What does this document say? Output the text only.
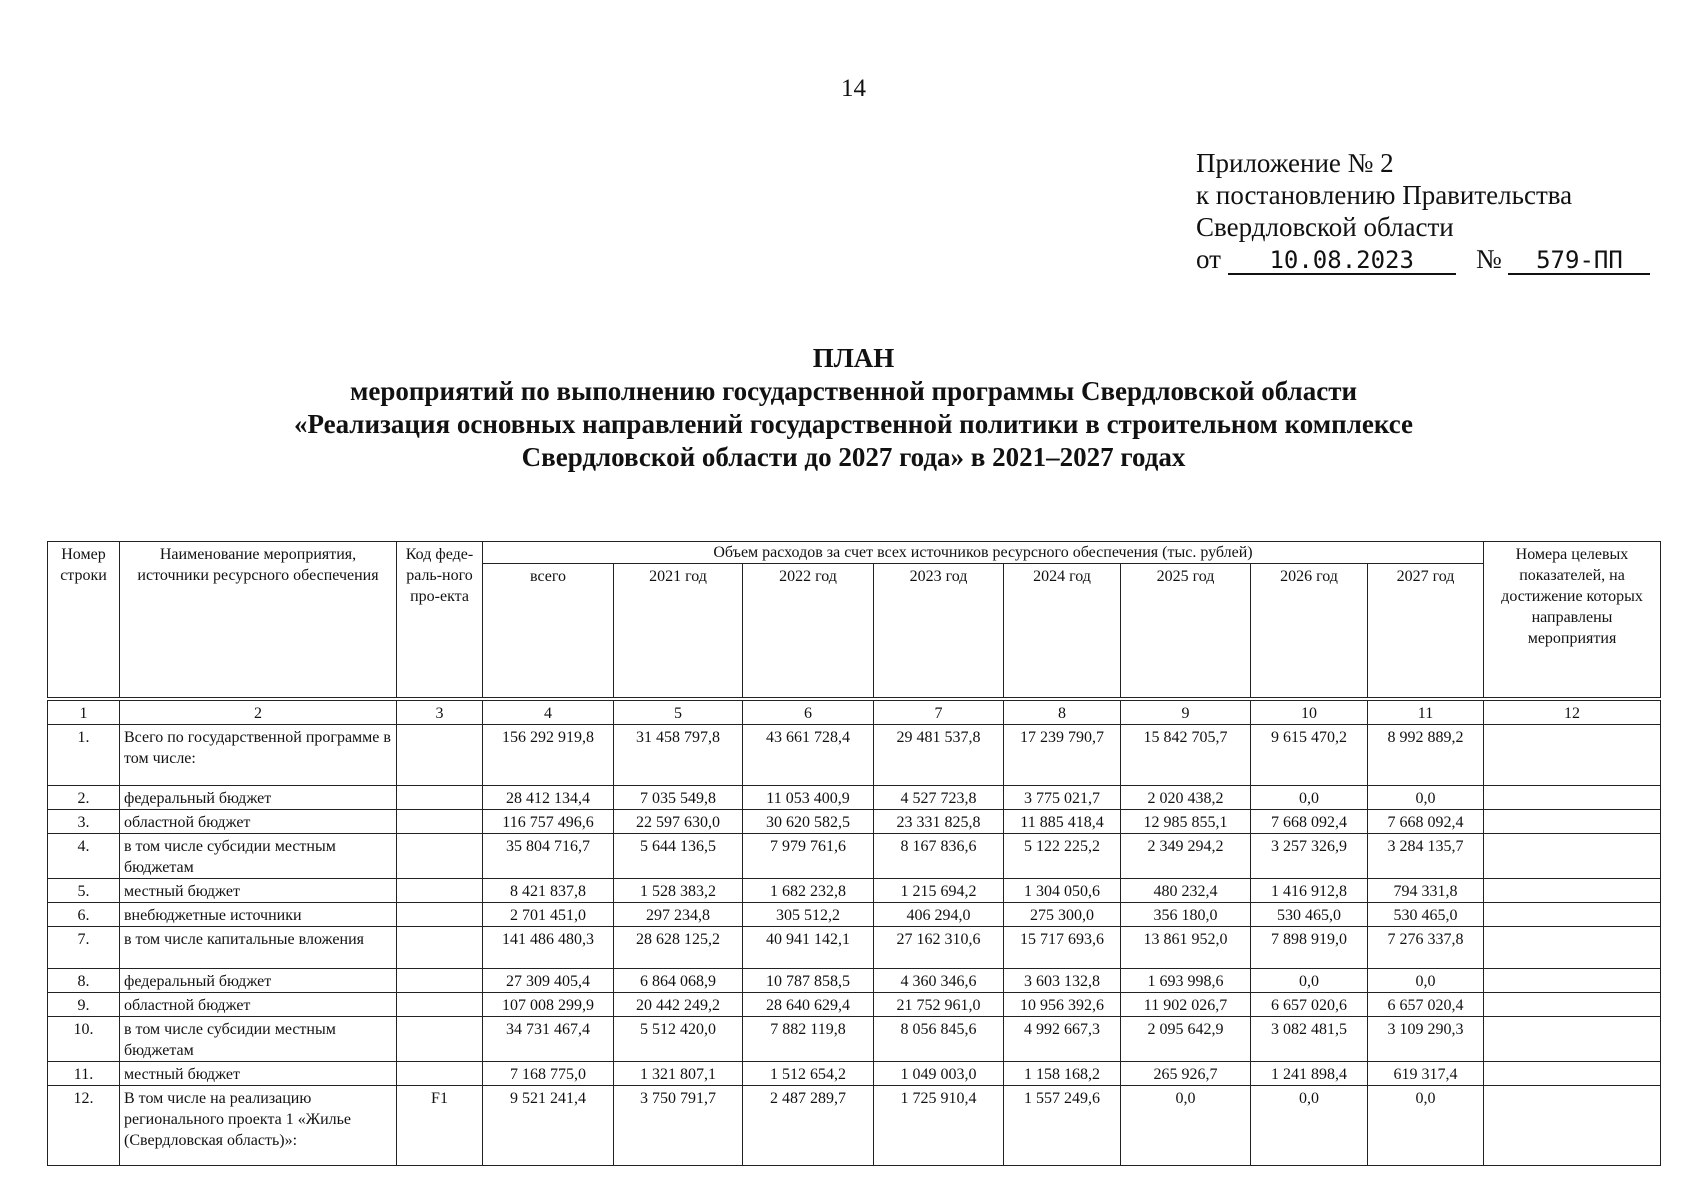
14
Приложение № 2
к постановлению Правительства
Свердловской области
от 10.08.2023 № 579-ПП
ПЛАН
мероприятий по выполнению государственной программы Свердловской области
«Реализация основных направлений государственной политики в строительном комплексе
Свердловской области до 2027 года» в 2021–2027 годах
Номер строки	Наименование мероприятия, источники ресурсного обеспечения	Код феде-раль-ного про-екта	Объем расходов за счет всех источников ресурсного обеспечения (тыс. рублей)								Номера целевых показателей, на достижение которых направлены мероприятия
			всего	2021 год	2022 год	2023 год	2024 год	2025 год	2026 год	2027 год	

1	2	3	4	5	6	7	8	9	10	11	12
1.	Всего по государственной программе в том числе:		156 292 919,8	31 458 797,8	43 661 728,4	29 481 537,8	17 239 790,7	15 842 705,7	9 615 470,2	8 992 889,2	
2.	федеральный бюджет		28 412 134,4	7 035 549,8	11 053 400,9	4 527 723,8	3 775 021,7	2 020 438,2	0,0	0,0	
3.	областной бюджет		116 757 496,6	22 597 630,0	30 620 582,5	23 331 825,8	11 885 418,4	12 985 855,1	7 668 092,4	7 668 092,4	
4.	в том числе субсидии местным бюджетам		35 804 716,7	5 644 136,5	7 979 761,6	8 167 836,6	5 122 225,2	2 349 294,2	3 257 326,9	3 284 135,7	
5.	местный бюджет		8 421 837,8	1 528 383,2	1 682 232,8	1 215 694,2	1 304 050,6	480 232,4	1 416 912,8	794 331,8	
6.	внебюджетные источники		2 701 451,0	297 234,8	305 512,2	406 294,0	275 300,0	356 180,0	530 465,0	530 465,0	
7.	в том числе капитальные вложения		141 486 480,3	28 628 125,2	40 941 142,1	27 162 310,6	15 717 693,6	13 861 952,0	7 898 919,0	7 276 337,8	
8.	федеральный бюджет		27 309 405,4	6 864 068,9	10 787 858,5	4 360 346,6	3 603 132,8	1 693 998,6	0,0	0,0	
9.	областной бюджет		107 008 299,9	20 442 249,2	28 640 629,4	21 752 961,0	10 956 392,6	11 902 026,7	6 657 020,6	6 657 020,4	
10.	в том числе субсидии местным бюджетам		34 731 467,4	5 512 420,0	7 882 119,8	8 056 845,6	4 992 667,3	2 095 642,9	3 082 481,5	3 109 290,3	
11.	местный бюджет		7 168 775,0	1 321 807,1	1 512 654,2	1 049 003,0	1 158 168,2	265 926,7	1 241 898,4	619 317,4	
12.	В том числе на реализацию регионального проекта 1 «Жилье (Свердловская область)»:	F1	9 521 241,4	3 750 791,7	2 487 289,7	1 725 910,4	1 557 249,6	0,0	0,0	0,0	
